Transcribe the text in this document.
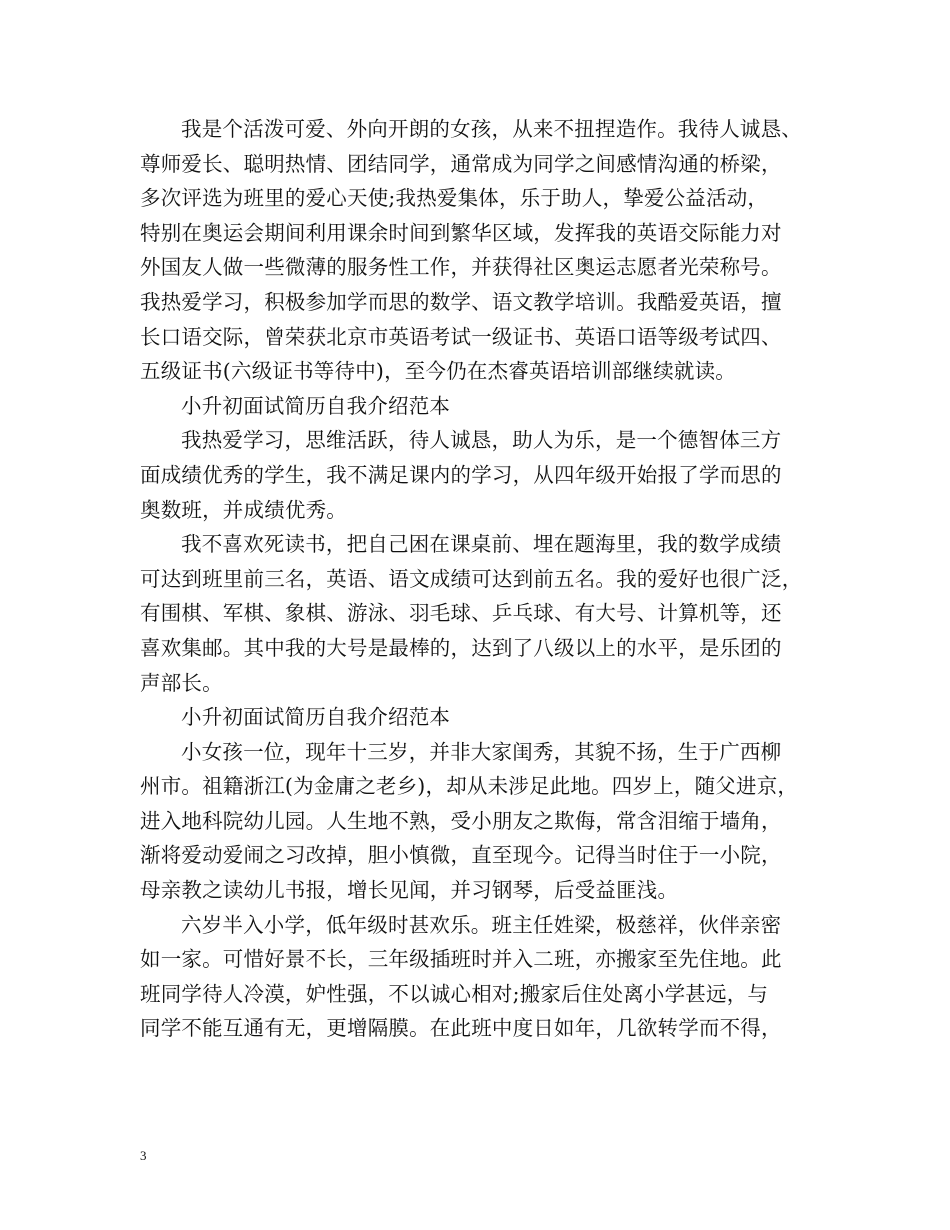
我是个活泼可爱、外向开朗的女孩，从来不扭捏造作。我待人诚恳、
尊师爱长、聪明热情、团结同学，通常成为同学之间感情沟通的桥梁，
多次评选为班里的爱心天使;我热爱集体，乐于助人，挚爱公益活动，
特别在奥运会期间利用课余时间到繁华区域，发挥我的英语交际能力对
外国友人做一些微薄的服务性工作，并获得社区奥运志愿者光荣称号。
我热爱学习，积极参加学而思的数学、语文教学培训。我酷爱英语，擅
长口语交际，曾荣获北京市英语考试一级证书、英语口语等级考试四、
五级证书(六级证书等待中)，至今仍在杰睿英语培训部继续就读。
小升初面试简历自我介绍范本
我热爱学习，思维活跃，待人诚恳，助人为乐，是一个德智体三方
面成绩优秀的学生，我不满足课内的学习，从四年级开始报了学而思的
奥数班，并成绩优秀。
我不喜欢死读书，把自己困在课桌前、埋在题海里，我的数学成绩
可达到班里前三名，英语、语文成绩可达到前五名。我的爱好也很广泛，
有围棋、军棋、象棋、游泳、羽毛球、乒乓球、有大号、计算机等，还
喜欢集邮。其中我的大号是最棒的，达到了八级以上的水平，是乐团的
声部长。
小升初面试简历自我介绍范本
小女孩一位，现年十三岁，并非大家闺秀，其貌不扬，生于广西柳
州市。祖籍浙江(为金庸之老乡)，却从未涉足此地。四岁上，随父进京，
进入地科院幼儿园。人生地不熟，受小朋友之欺侮，常含泪缩于墙角，
渐将爱动爱闹之习改掉，胆小慎微，直至现今。记得当时住于一小院，
母亲教之读幼儿书报，增长见闻，并习钢琴，后受益匪浅。
六岁半入小学，低年级时甚欢乐。班主任姓梁，极慈祥，伙伴亲密
如一家。可惜好景不长，三年级插班时并入二班，亦搬家至先住地。此
班同学待人冷漠，妒性强，不以诚心相对;搬家后住处离小学甚远，与
同学不能互通有无，更增隔膜。在此班中度日如年，几欲转学而不得，
3
